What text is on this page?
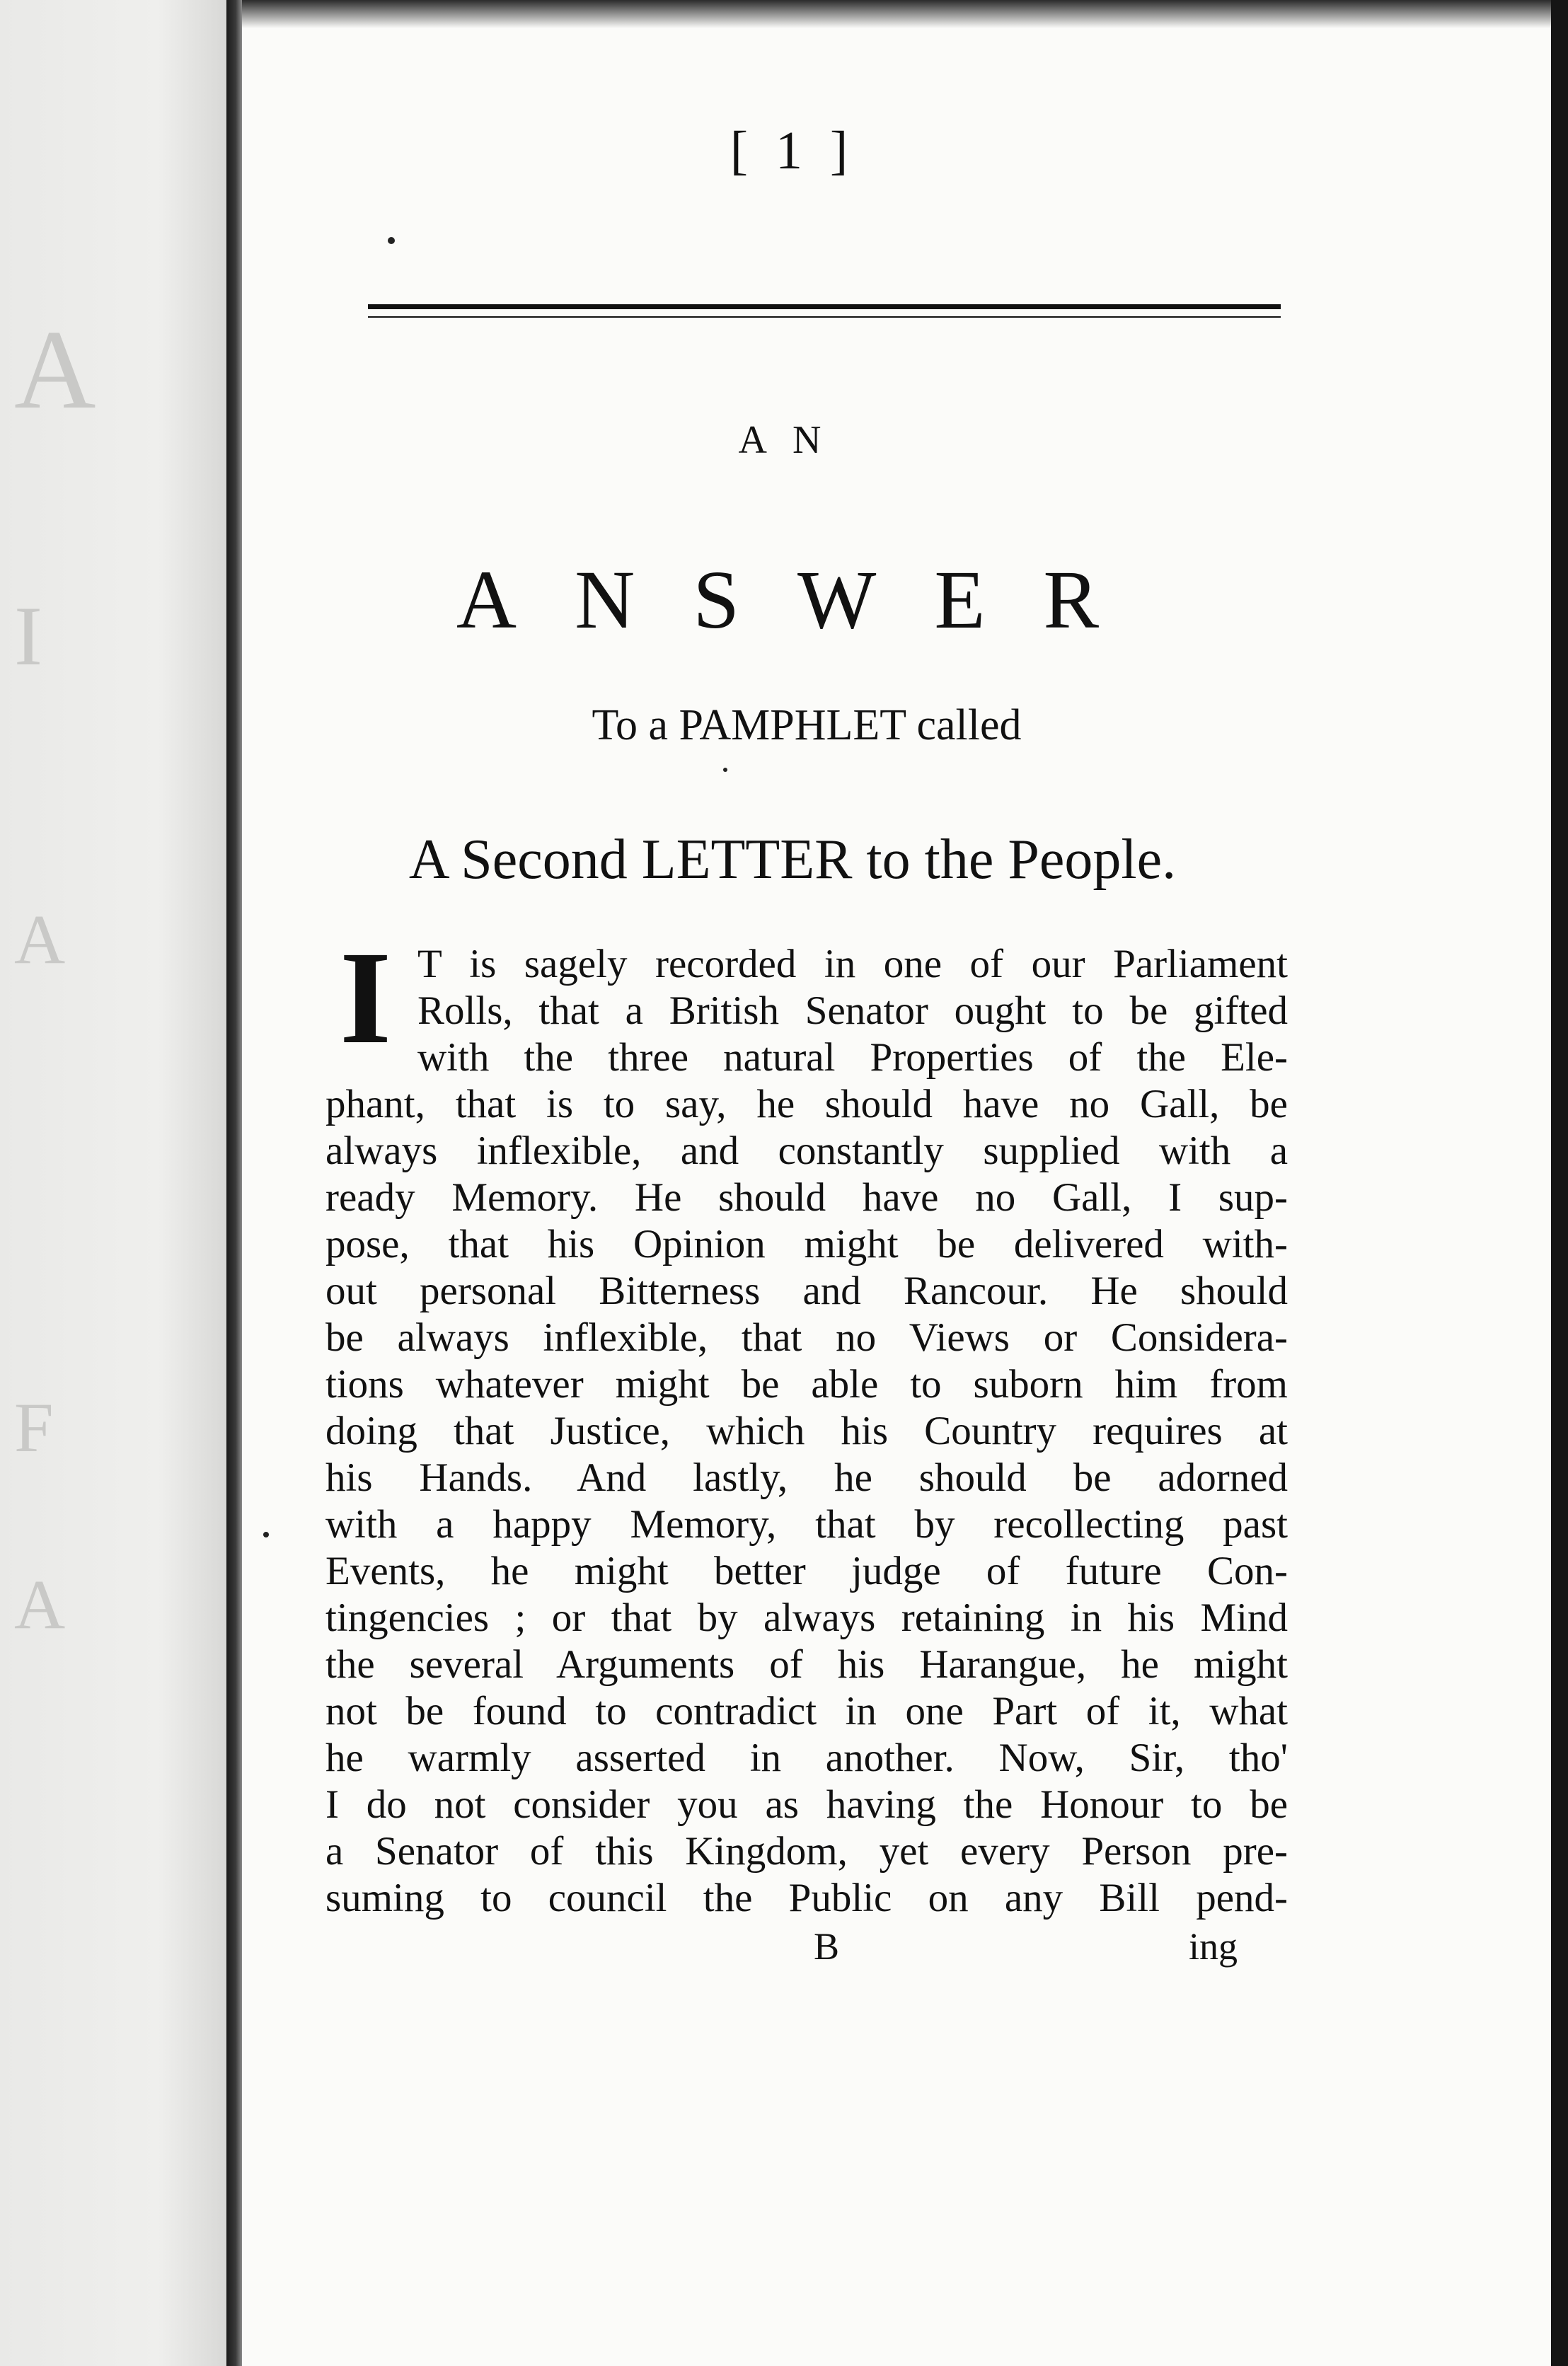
A
I
A
F
A
[ 1 ]
AN
ANSWER
To a PAMPHLET called
A Second LETTER to the People.
I T is sagely recorded in one of our Parliament
Rolls, that a British Senator ought to be gifted
with the three natural Properties of the Ele-
phant, that is to say, he should have no Gall, be
always inflexible, and constantly supplied with a
ready Memory. He should have no Gall, I sup-
pose, that his Opinion might be delivered with-
out personal Bitterness and Rancour. He should
be always inflexible, that no Views or Considera-
tions whatever might be able to suborn him from
doing that Justice, which his Country requires at
his Hands. And lastly, he should be adorned
with a happy Memory, that by recollecting past
Events, he might better judge of future Con-
tingencies ; or that by always retaining in his Mind
the several Arguments of his Harangue, he might
not be found to contradict in one Part of it, what
he warmly asserted in another. Now, Sir, tho'
I do not consider you as having the Honour to be
a Senator of this Kingdom, yet every Person pre-
suming to council the Public on any Bill pend-
B	ing
